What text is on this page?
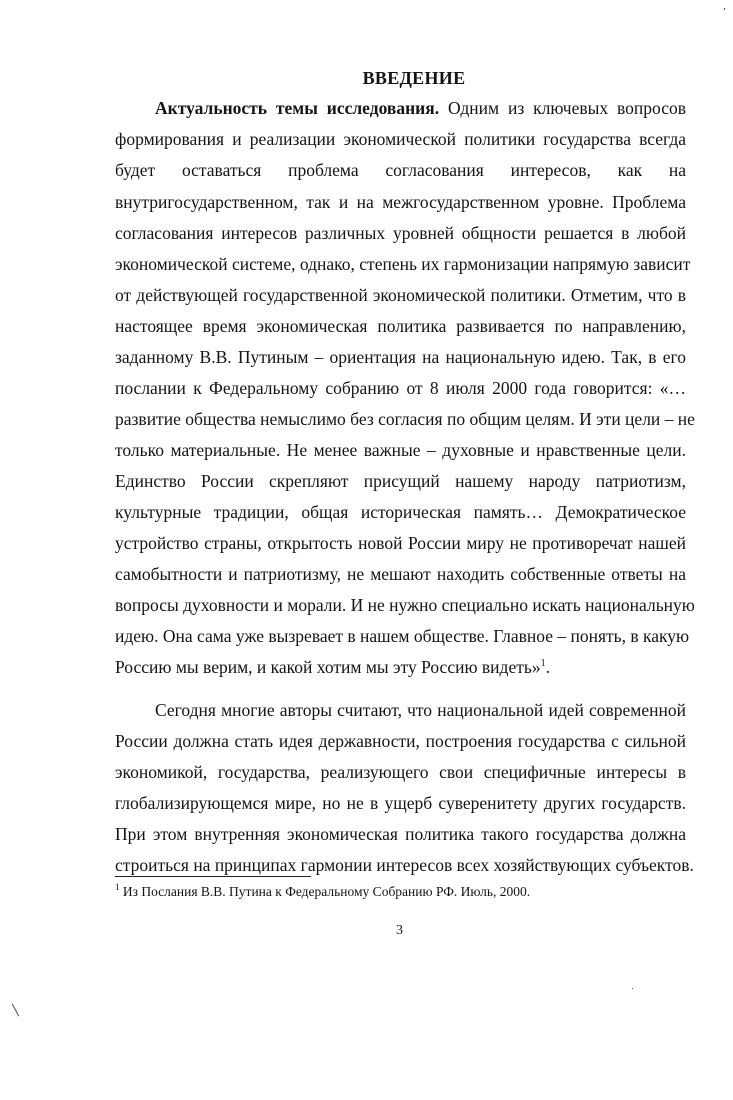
ВВЕДЕНИЕ
Актуальность темы исследования. Одним из ключевых вопросов
формирования и реализации экономической политики государства всегда
будет оставаться проблема согласования интересов, как на
внутригосударственном, так и на межгосударственном уровне. Проблема
согласования интересов различных уровней общности решается в любой
экономической системе, однако, степень их гармонизации напрямую зависит
от действующей государственной экономической политики. Отметим, что в
настоящее время экономическая политика развивается по направлению,
заданному В.В. Путиным – ориентация на национальную идею. Так, в его
послании к Федеральному собранию от 8 июля 2000 года говорится: «…
развитие общества немыслимо без согласия по общим целям. И эти цели – не
только материальные. Не менее важные – духовные и нравственные цели.
Единство России скрепляют присущий нашему народу патриотизм,
культурные традиции, общая историческая память… Демократическое
устройство страны, открытость новой России миру не противоречат нашей
самобытности и патриотизму, не мешают находить собственные ответы на
вопросы духовности и морали. И не нужно специально искать национальную
идею. Она сама уже вызревает в нашем обществе. Главное – понять, в какую
Россию мы верим, и какой хотим мы эту Россию видеть»$^1$.
Сегодня многие авторы считают, что национальной идей современной
России должна стать идея державности, построения государства с сильной
экономикой, государства, реализующего свои специфичные интересы в
глобализирующемся мире, но не в ущерб суверенитету других государств.
При этом внутренняя экономическая политика такого государства должна
строиться на принципах гармонии интересов всех хозяйствующих субъектов.
$^1$ Из Послания В.В. Путина к Федеральному Собранию РФ. Июль, 2000.
3
